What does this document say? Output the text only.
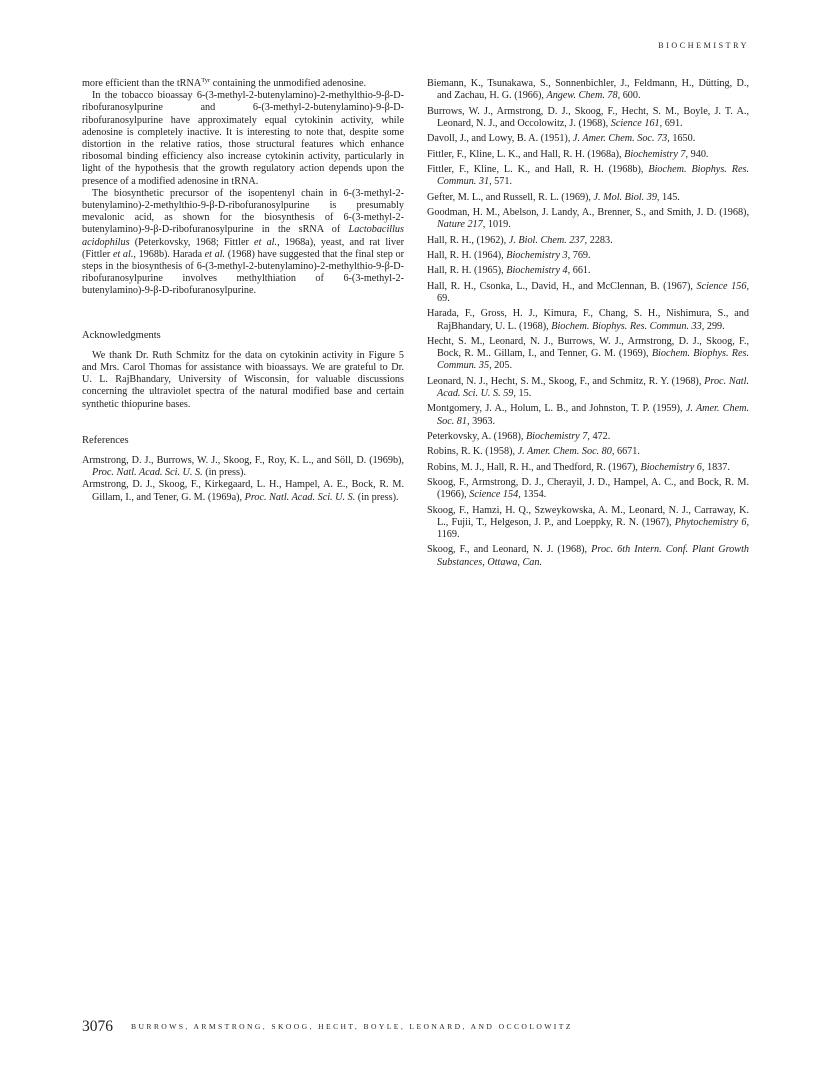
BIOCHEMISTRY

more efficient than the tRNA$^{Tyr}$ containing the unmodified adenosine.

In the tobacco bioassay 6-(3-methyl-2-butenylamino)-2-methylthio-9-β-D-ribofuranosylpurine and 6-(3-methyl-2-butenylamino)-9-β-D-ribofuranosylpurine have approximately equal cytokinin activity, while adenosine is completely inactive. It is interesting to note that, despite some distortion in the relative ratios, those structural features which enhance ribosomal binding efficiency also increase cytokinin activity, particularly in light of the hypothesis that the growth regulatory action depends upon the presence of a modified adenosine in tRNA.

The biosynthetic precursor of the isopentenyl chain in 6-(3-methyl-2-butenylamino)-2-methylthio-9-β-D-ribofuranosylpurine is presumably mevalonic acid, as shown for the biosynthesis of 6-(3-methyl-2-butenylamino)-9-β-D-ribofuranosylpurine in the sRNA of Lactobacillus acidophilus (Peterkovsky, 1968; Fittler et al., 1968a), yeast, and rat liver (Fittler et al., 1968b). Harada et al. (1968) have suggested that the final step or steps in the biosynthesis of 6-(3-methyl-2-butenylamino)-2-methylthio-9-β-D-ribofuranosylpurine involves methylthiation of 6-(3-methyl-2-butenylamino)-9-β-D-ribofuranosylpurine.

Acknowledgments

We thank Dr. Ruth Schmitz for the data on cytokinin activity in Figure 5 and Mrs. Carol Thomas for assistance with bioassays. We are grateful to Dr. U. L. RajBhandary, University of Wisconsin, for valuable discussions concerning the ultraviolet spectra of the natural modified base and certain synthetic thiopurine bases.

References

Armstrong, D. J., Burrows, W. J., Skoog, F., Roy, K. L., and Söll, D. (1969b), Proc. Natl. Acad. Sci. U. S. (in press).

Armstrong, D. J., Skoog, F., Kirkegaard, L. H., Hampel, A. E., Bock, R. M. Gillam, I., and Tener, G. M. (1969a), Proc. Natl. Acad. Sci. U. S. (in press).

Biemann, K., Tsunakawa, S., Sonnenbichler, J., Feldmann, H., Dütting, D., and Zachau, H. G. (1966), Angew. Chem. 78, 600.

Burrows, W. J., Armstrong, D. J., Skoog, F., Hecht, S. M., Boyle, J. T. A., Leonard, N. J., and Occolowitz, J. (1968), Science 161, 691.

Davoll, J., and Lowy, B. A. (1951), J. Amer. Chem. Soc. 73, 1650.

Fittler, F., Kline, L. K., and Hall, R. H. (1968a), Biochemistry 7, 940.

Fittler, F., Kline, L. K., and Hall, R. H. (1968b), Biochem. Biophys. Res. Commun. 31, 571.

Gefter, M. L., and Russell, R. L. (1969), J. Mol. Biol. 39, 145.

Goodman, H. M., Abelson, J. Landy, A., Brenner, S., and Smith, J. D. (1968), Nature 217, 1019.

Hall, R. H., (1962), J. Biol. Chem. 237, 2283.

Hall, R. H. (1964), Biochemistry 3, 769.

Hall, R. H. (1965), Biochemistry 4, 661.

Hall, R. H., Csonka, L., David, H., and McClennan, B. (1967), Science 156, 69.

Harada, F., Gross, H. J., Kimura, F., Chang, S. H., Nishimura, S., and RajBhandary, U. L. (1968), Biochem. Biophys. Res. Commun. 33, 299.

Hecht, S. M., Leonard, N. J., Burrows, W. J., Armstrong, D. J., Skoog, F., Bock, R. M.. Gillam, I., and Tenner, G. M. (1969), Biochem. Biophys. Res. Commun. 35, 205.

Leonard, N. J., Hecht, S. M., Skoog, F., and Schmitz, R. Y. (1968), Proc. Natl. Acad. Sci. U. S. 59, 15.

Montgomery, J. A., Holum, L. B., and Johnston, T. P. (1959), J. Amer. Chem. Soc. 81, 3963.

Peterkovsky, A. (1968), Biochemistry 7, 472.

Robins, R. K. (1958), J. Amer. Chem. Soc. 80, 6671.

Robins, M. J., Hall, R. H., and Thedford, R. (1967), Biochemistry 6, 1837.

Skoog, F., Armstrong, D. J., Cherayil, J. D., Hampel, A. C., and Bock, R. M. (1966), Science 154, 1354.

Skoog, F., Hamzi, H. Q., Szweykowska, A. M., Leonard, N. J., Carraway, K. L., Fujii, T., Helgeson, J. P., and Loeppky, R. N. (1967), Phytochemistry 6, 1169.

Skoog, F., and Leonard, N. J. (1968), Proc. 6th Intern. Conf. Plant Growth Substances, Ottawa, Can.

3076 BURROWS, ARMSTRONG, SKOOG, HECHT, BOYLE, LEONARD, AND OCCOLOWITZ
